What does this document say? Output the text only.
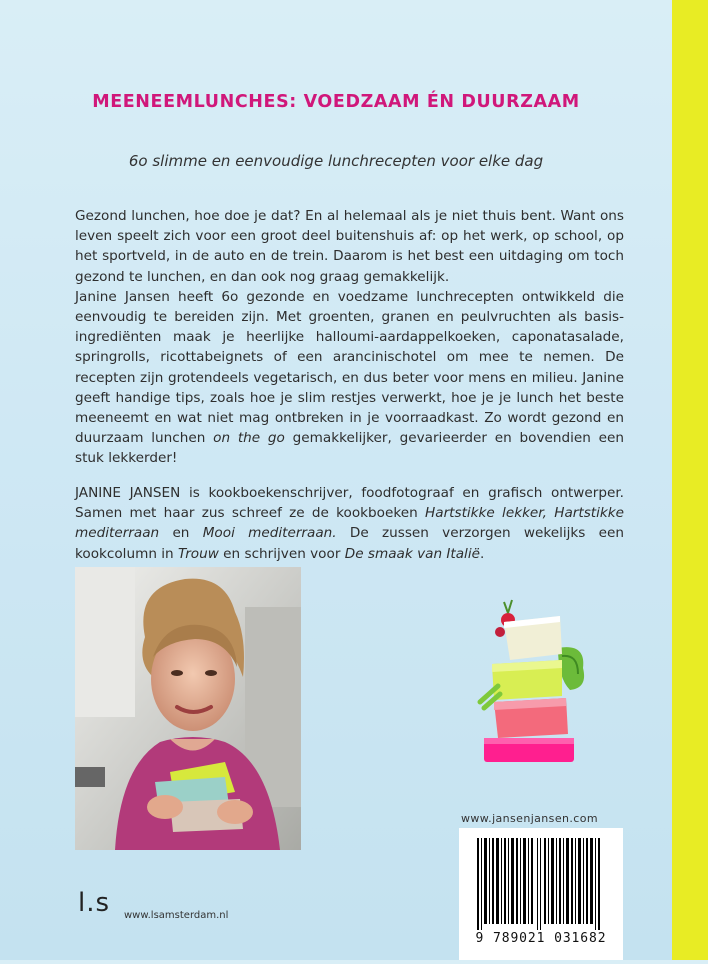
MEENEEMLUNCHES: VOEDZAAM ÉN DUURZAAM
6o slimme en eenvoudige lunchrecepten voor elke dag

Gezond lunchen, hoe doe je dat? En al helemaal als je niet thuis bent. Want ons leven speelt zich voor een groot deel buitenshuis af: op het werk, op school, op het sportveld, in de auto en de trein. Daarom is het best een uitdaging om toch gezond te lunchen, en dan ook nog graag gemakkelijk.

Janine Jansen heeft 6o gezonde en voedzame lunchrecepten ontwikkeld die eenvoudig te bereiden zijn. Met groenten, granen en peulvruchten als basisingrediënten maak je heerlijke halloumi-aardappelkoeken, caponatasalade, springrolls, ricottabeignets of een arancinischotel om mee te nemen. De recepten zijn grotendeels vegetarisch, en dus beter voor mens en milieu. Janine geeft handige tips, zoals hoe je slim restjes verwerkt, hoe je je lunch het beste meeneemt en wat niet mag ontbreken in je voorraadkast. Zo wordt gezond en duurzaam lunchen on the go gemakkelijker, gevarieerder en bovendien een stuk lekkerder!

JANINE JANSEN is kookboekenschrijver, foodfotograaf en grafisch ontwerper. Samen met haar zus schreef ze de kookboeken Hartstikke lekker, Hartstikke mediterraan en Mooi mediterraan. De zussen verzorgen wekelijks een kookcolumn in Trouw en schrijven voor De smaak van Italië.

www.jansenjansen.com
9 789021 031682
l.s www.lsamsterdam.nl
